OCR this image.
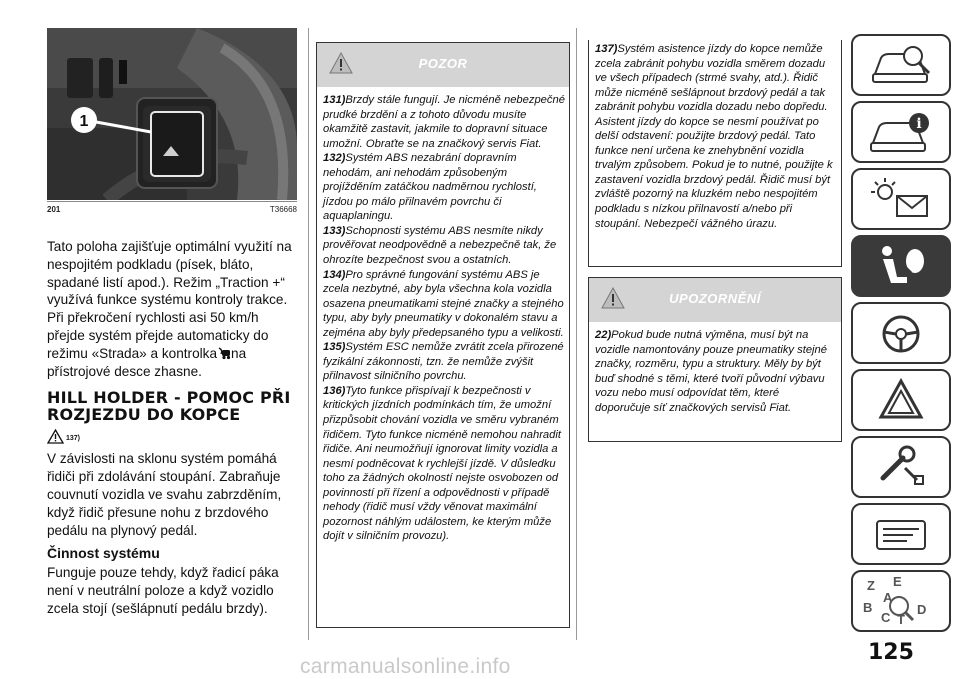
1
201	T36668

Tato poloha zajišťuje optimální využití na nespojitém podkladu (písek, bláto, spadané listí apod.). Režim „Traction +“ využívá funkce systému kontroly trakce. Při překročení rychlosti asi 50 km/h přejde systém přejde automaticky do režimu «Strada» a kontrolka na přístrojové desce zhasne.

HILL HOLDER - POMOC PŘI ROZJEZDU DO KOPCE
137)

V závislosti na sklonu systém pomáhá řidiči při zdolávání stoupání. Zabraňuje couvnutí vozidla ve svahu zabrzděním, když řidič přesune nohu z brzdového pedálu na plynový pedál.

Činnost systému

Funguje pouze tehdy, když řadicí páka není v neutrální poloze a když vozidlo zcela stojí (sešlápnutí pedálu brzdy).

POZOR

131)Brzdy stále fungují. Je nicméně nebezpečné prudké brzdění a z tohoto důvodu musíte okamžitě zastavit, jakmile to dopravní situace umožní. Obraťte se na značkový servis Fiat.

132)Systém ABS nezabrání dopravním nehodám, ani nehodám způsobeným projížděním zatáčkou nadměrnou rychlostí, jízdou po málo přilnavém povrchu či aquaplaningu.

133)Schopnosti systému ABS nesmíte nikdy prověřovat neodpovědně a nebezpečně tak, že ohrozíte bezpečnost svou a ostatních.

134)Pro správné fungování systému ABS je zcela nezbytné, aby byla všechna kola vozidla osazena pneumatikami stejné značky a stejného typu, aby byly pneumatiky v dokonalém stavu a zejména aby byly předepsaného typu a velikosti.

135)Systém ESC nemůže zvrátit zcela přirozené fyzikální zákonnosti, tzn. že nemůže zvýšit přilnavost silničního povrchu.

136)Tyto funkce přispívají k bezpečnosti v kritických jízdních podmínkách tím, že umožní přizpůsobit chování vozidla ve směru vybraném řidičem. Tyto funkce nicméně nemohou nahradit řidiče. Ani neumožňují ignorovat limity vozidla a nesmí podněcovat k rychlejší jízdě. V důsledku toho za žádných okolností nejste osvobozen od povinností při řízení a odpovědnosti v případě nehody (řidič musí vždy věnovat maximální pozornost náhlým událostem, ke kterým může dojít v silničním provozu).

137)Systém asistence jízdy do kopce nemůže zcela zabránit pohybu vozidla směrem dozadu ve všech případech (strmé svahy, atd.). Řidič může nicméně sešlápnout brzdový pedál a tak zabránit pohybu vozidla dozadu nebo dopředu. Asistent jízdy do kopce se nesmí používat po delší odstavení: použijte brzdový pedál. Tato funkce není určena ke znehybnění vozidla trvalým způsobem. Pokud je to nutné, použijte k zastavení vozidla brzdový pedál. Řidič musí být zvláště pozorný na kluzkém nebo nespojitém podkladu s nízkou přilnavostí a/nebo při stoupání. Nebezpečí vážného úrazu.

UPOZORNĚNÍ

22)Pokud bude nutná výměna, musí být na vozidle namontovány pouze pneumatiky stejné značky, rozměru, typu a struktury. Měly by být buď shodné s těmi, které tvoří původní výbavu vozu nebo musí odpovídat těm, které doporučuje síť značkových servisů Fiat.

i
Z E
A
B
C T
D
125
carmanualsonline.info
